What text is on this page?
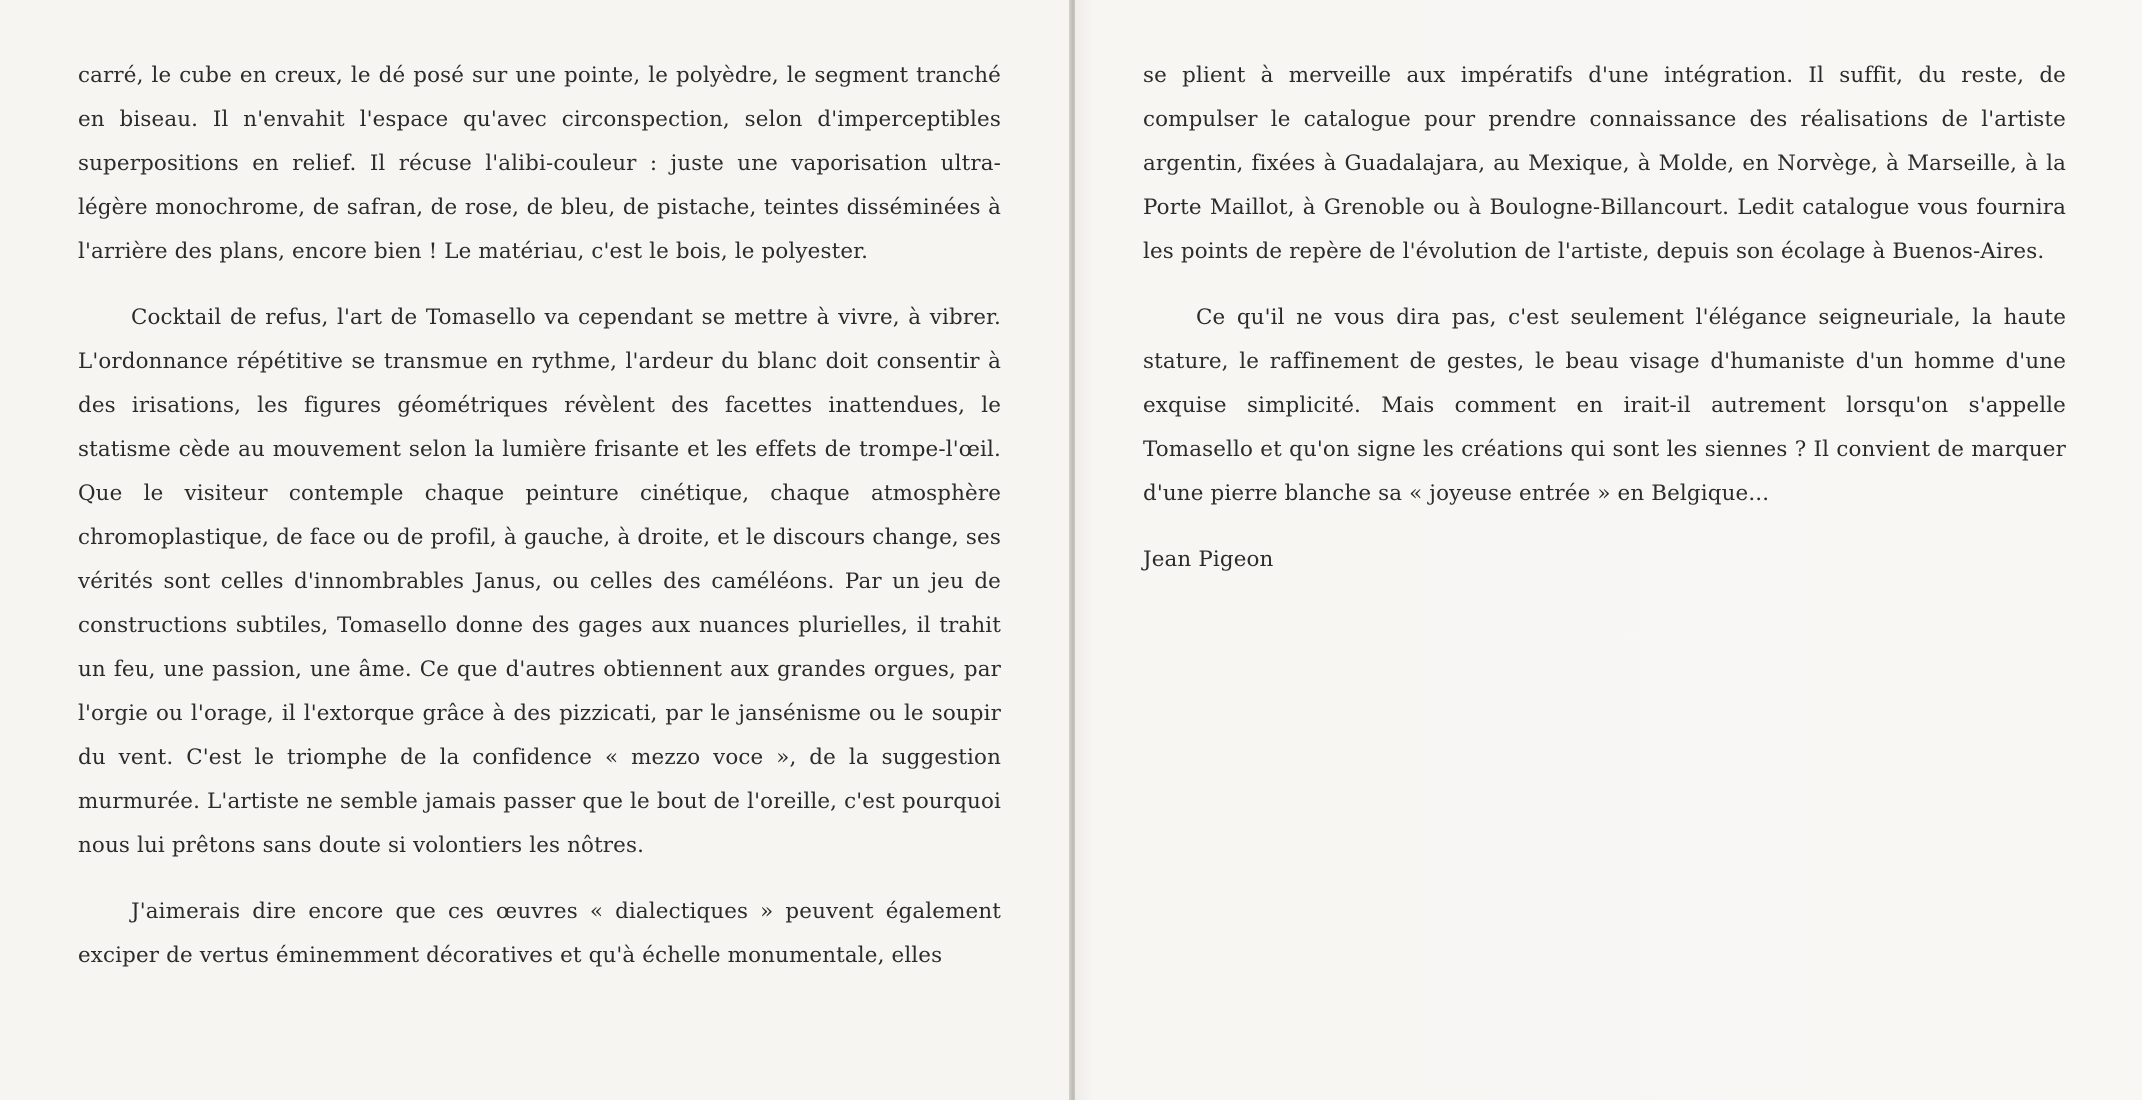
carré, le cube en creux, le dé posé sur une pointe, le polyèdre, le segment tranché en biseau. Il n'envahit l'espace qu'avec circonspection, selon d'imperceptibles superpositions en relief. Il récuse l'alibi-couleur : juste une vaporisation ultra-légère monochrome, de safran, de rose, de bleu, de pistache, teintes disséminées à l'arrière des plans, encore bien ! Le matériau, c'est le bois, le polyester.

Cocktail de refus, l'art de Tomasello va cependant se mettre à vivre, à vibrer. L'ordonnance répétitive se transmue en rythme, l'ardeur du blanc doit consentir à des irisations, les figures géométriques révèlent des facettes inattendues, le statisme cède au mouvement selon la lumière frisante et les effets de trompe-l'œil. Que le visiteur contemple chaque peinture cinétique, chaque atmosphère chromoplastique, de face ou de profil, à gauche, à droite, et le discours change, ses vérités sont celles d'innombrables Janus, ou celles des caméléons. Par un jeu de constructions subtiles, Tomasello donne des gages aux nuances plurielles, il trahit un feu, une passion, une âme. Ce que d'autres obtiennent aux grandes orgues, par l'orgie ou l'orage, il l'extorque grâce à des pizzicati, par le jansénisme ou le soupir du vent. C'est le triomphe de la confidence « mezzo voce », de la suggestion murmurée. L'artiste ne semble jamais passer que le bout de l'oreille, c'est pourquoi nous lui prêtons sans doute si volontiers les nôtres.

J'aimerais dire encore que ces œuvres « dialectiques » peuvent également exciper de vertus éminemment décoratives et qu'à échelle monumentale, elles

se plient à merveille aux impératifs d'une intégration. Il suffit, du reste, de compulser le catalogue pour prendre connaissance des réalisations de l'artiste argentin, fixées à Guadalajara, au Mexique, à Molde, en Norvège, à Marseille, à la Porte Maillot, à Grenoble ou à Boulogne-Billancourt. Ledit catalogue vous fournira les points de repère de l'évolution de l'artiste, depuis son écolage à Buenos-Aires.

Ce qu'il ne vous dira pas, c'est seulement l'élégance seigneuriale, la haute stature, le raffinement de gestes, le beau visage d'humaniste d'un homme d'une exquise simplicité. Mais comment en irait-il autrement lorsqu'on s'appelle Tomasello et qu'on signe les créations qui sont les siennes ? Il convient de marquer d'une pierre blanche sa « joyeuse entrée » en Belgique...

Jean Pigeon
